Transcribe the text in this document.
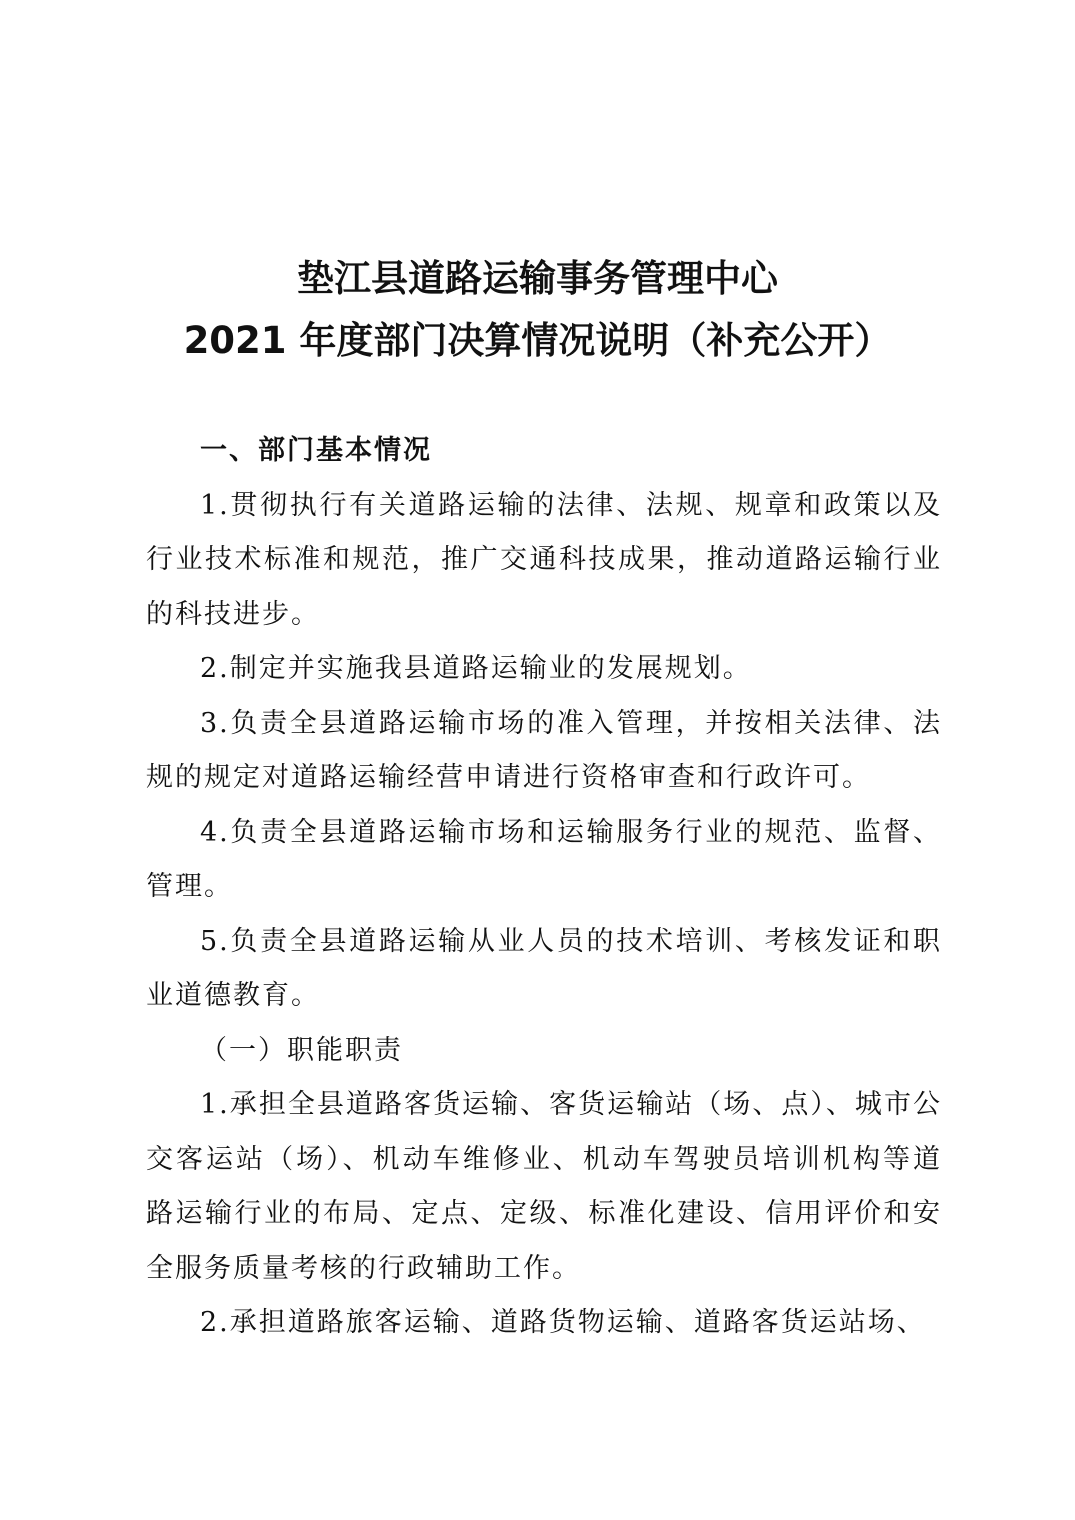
垫江县道路运输事务管理中心
2021 年度部门决算情况说明（补充公开）

一、部门基本情况

1.贯彻执行有关道路运输的法律、法规、规章和政策以及行业技术标准和规范，推广交通科技成果，推动道路运输行业的科技进步。

2.制定并实施我县道路运输业的发展规划。

3.负责全县道路运输市场的准入管理，并按相关法律、法规的规定对道路运输经营申请进行资格审查和行政许可。

4.负责全县道路运输市场和运输服务行业的规范、监督、管理。

5.负责全县道路运输从业人员的技术培训、考核发证和职业道德教育。

（一）职能职责

1.承担全县道路客货运输、客货运输站（场、点）、城市公交客运站（场）、机动车维修业、机动车驾驶员培训机构等道路运输行业的布局、定点、定级、标准化建设、信用评价和安全服务质量考核的行政辅助工作。

2.承担道路旅客运输、道路货物运输、道路客货运站场、
